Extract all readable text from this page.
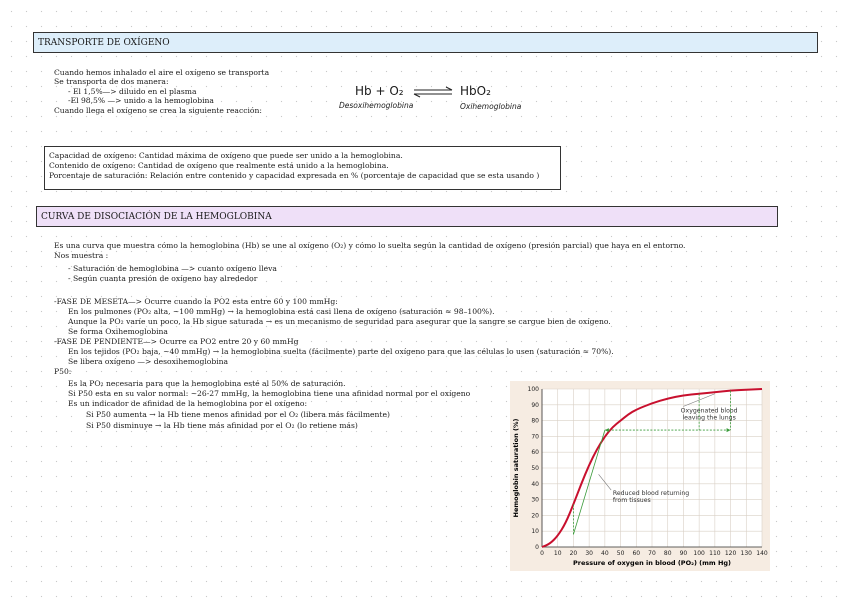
TRANSPORTE DE OXÍGENO
Cuando hemos inhalado el aire el oxígeno se transporta
Se transporta de dos manera:
- El 1,5%—> diluido en el plasma
-El 98,5% —> unido a la hemoglobina
Cuando llega el oxígeno se crea la siguiente reacción:
Hb + O₂ ⇌ HbO₂
Desoxihemoglobina	Oxihemoglobina
Capacidad de oxígeno: Cantidad máxima de oxígeno que puede ser unido a la hemoglobina.
Contenido de oxígeno: Cantidad de oxígeno que realmente está unido a la hemoglobina.
Porcentaje de saturación: Relación entre contenido y capacidad expresada en % (porcentaje de capacidad que se esta usando )
CURVA DE DISOCIACIÓN DE LA HEMOGLOBINA
Es una curva que muestra cómo la hemoglobina (Hb) se une al oxígeno (O₂) y cómo lo suelta según la cantidad de oxígeno (presión parcial) que haya en el entorno.
Nos muestra :
- Saturación de hemoglobina —> cuanto oxígeno lleva
- Según cuanta presión de oxígeno hay alrededor
-FASE DE MESETA—> Ocurre cuando la PO2 esta entre 60 y 100 mmHg:
En los pulmones (PO₂ alta, ~100 mmHg) → la hemoglobina está casi llena de oxígeno (saturación ≈ 98–100%).
Aunque la PO₂ varíe un poco, la Hb sigue saturada → es un mecanismo de seguridad para asegurar que la sangre se cargue bien de oxígeno.
Se forma Oxihemoglobina
-FASE DE PENDIENTE—> Ocurre ca PO2 entre 20 y 60 mmHg
En los tejidos (PO₂ baja, ~40 mmHg) → la hemoglobina suelta (fácilmente) parte del oxígeno para que las células lo usen (saturación ≈ 70%).
Se libera oxígeno —> desoxihemoglobina
P50:
Es la PO₂ necesaria para que la hemoglobina esté al 50% de saturación.
Si P50 esta en su valor normal: ~26-27 mmHg, la hemoglobina tiene una afinidad normal por el oxígeno
Es un indicador de afinidad de la hemoglobina por el oxígeno:
Si P50 aumenta → la Hb tiene menos afinidad por el O₂ (libera más fácilmente)
Si P50 disminuye → la Hb tiene más afinidad por el O₂ (lo retiene más)
0
10
20
30
40
50
60
70
80
90
100
0 10 20 30 40 50 60 70 80 90 100 110 120 130 140
Oxygenated blood
leaving the lungs
Reduced blood returning
from tissues
Pressure of oxygen in blood (PO₂) (mm Hg)
Hemoglobin saturation (%)
